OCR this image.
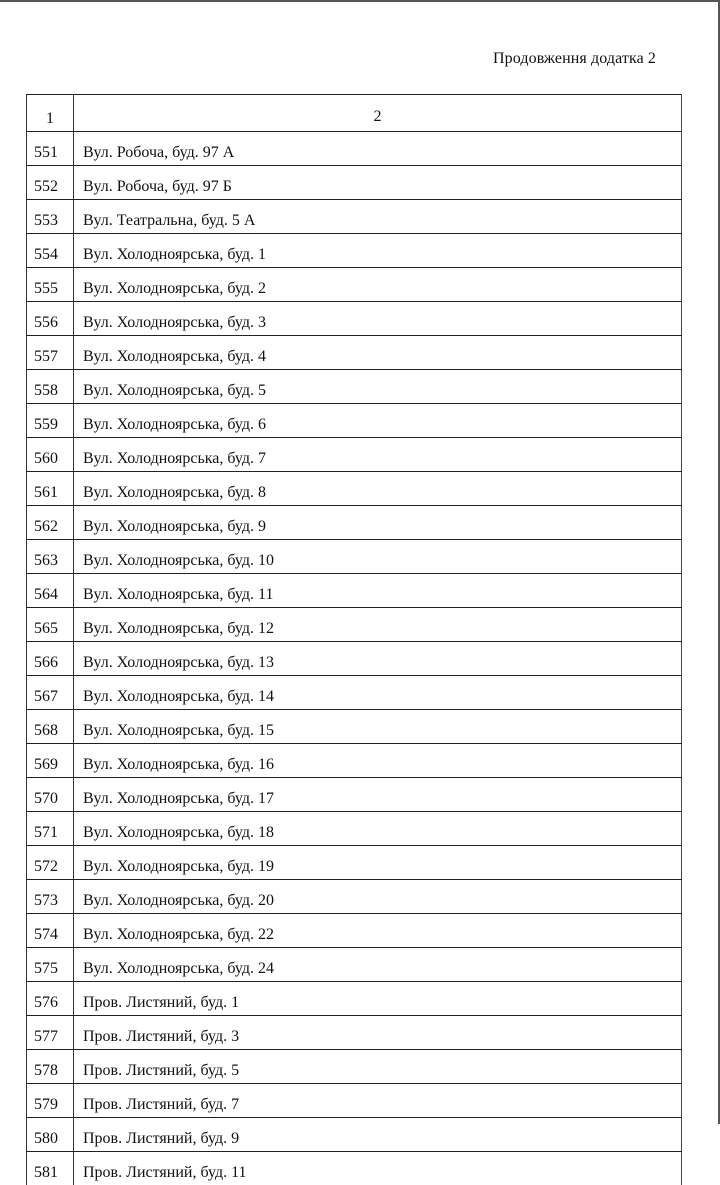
Продовження додатка 2
1	2
551	Вул. Робоча, буд. 97 А
552	Вул. Робоча, буд. 97 Б
553	Вул. Театральна, буд. 5 А
554	Вул. Холодноярська, буд. 1
555	Вул. Холодноярська, буд. 2
556	Вул. Холодноярська, буд. 3
557	Вул. Холодноярська, буд. 4
558	Вул. Холодноярська, буд. 5
559	Вул. Холодноярська, буд. 6
560	Вул. Холодноярська, буд. 7
561	Вул. Холодноярська, буд. 8
562	Вул. Холодноярська, буд. 9
563	Вул. Холодноярська, буд. 10
564	Вул. Холодноярська, буд. 11
565	Вул. Холодноярська, буд. 12
566	Вул. Холодноярська, буд. 13
567	Вул. Холодноярська, буд. 14
568	Вул. Холодноярська, буд. 15
569	Вул. Холодноярська, буд. 16
570	Вул. Холодноярська, буд. 17
571	Вул. Холодноярська, буд. 18
572	Вул. Холодноярська, буд. 19
573	Вул. Холодноярська, буд. 20
574	Вул. Холодноярська, буд. 22
575	Вул. Холодноярська, буд. 24
576	Пров. Листяний, буд. 1
577	Пров. Листяний, буд. 3
578	Пров. Листяний, буд. 5
579	Пров. Листяний, буд. 7
580	Пров. Листяний, буд. 9
581	Пров. Листяний, буд. 11
